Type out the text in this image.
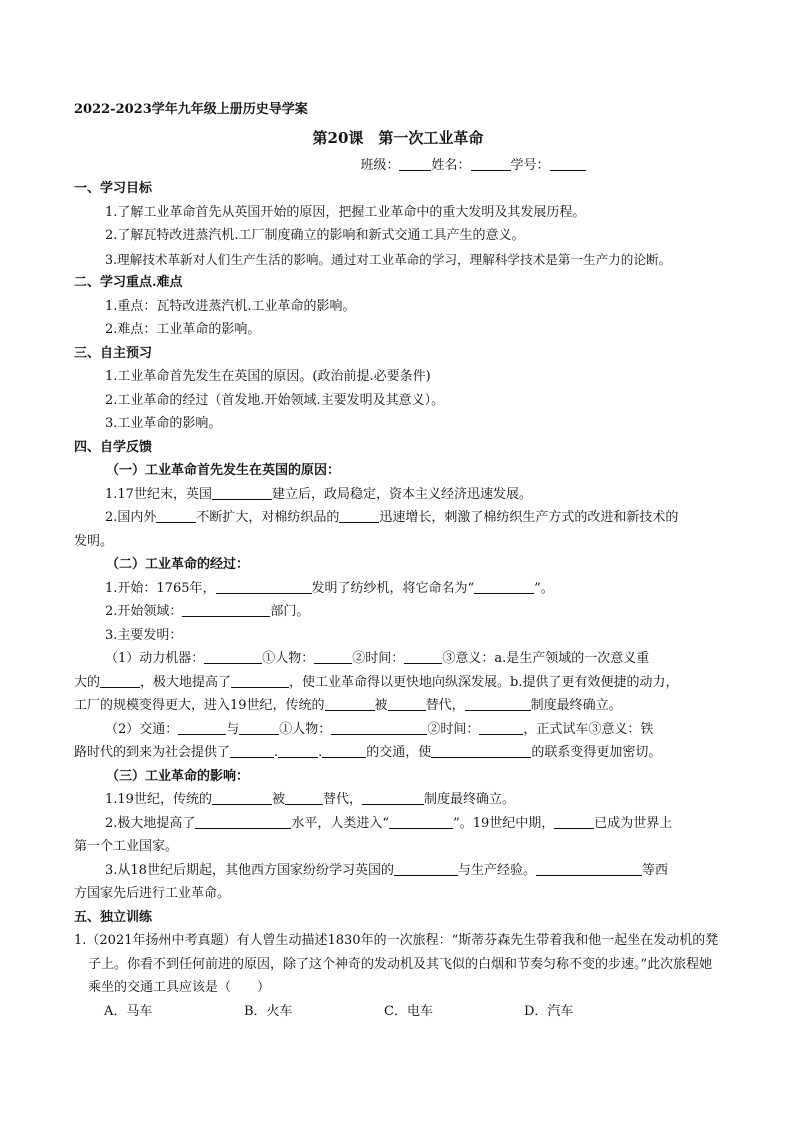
2022-2023学年九年级上册历史导学案
第20课　第一次工业革命
班级： 姓名：	学号：
一、学习目标
1.了解工业革命首先从英国开始的原因，把握工业革命中的重大发明及其发展历程。
2.了解瓦特改进蒸汽机.工厂制度确立的影响和新式交通工具产生的意义。
3.理解技术革新对人们生产生活的影响。通过对工业革命的学习，理解科学技术是第一生产力的论断。
二、学习重点.难点
1.重点：瓦特改进蒸汽机.工业革命的影响。
2.难点：工业革命的影响。
三、自主预习
1.工业革命首先发生在英国的原因。(政治前提.必要条件)
2.工业革命的经过（首发地.开始领域.主要发明及其意义）。
3.工业革命的影响。
四、自学反馈
（一）工业革命首先发生在英国的原因：
1.17世纪末，英国	建立后，政局稳定，资本主义经济迅速发展。
2.国内外	不断扩大，对棉纺织品的	迅速增长，刺激了棉纺织生产方式的改进和新技术的
发明。
（二）工业革命的经过：
1.开始：1765年，	发明了纺纱机，将它命名为“	”。
2.开始领域：	部门。
3.主要发明：
（1）动力机器：	①人物：	②时间：	③意义：a.是生产领域的一次意义重
大的	，极大地提高了	，使工业革命得以更快地向纵深发展。b.提供了更有效便捷的动力，
工厂的规模变得更大，进入19世纪，传统的	被	替代，	制度最终确立。
（2）交通：	与	①人物：	②时间：	，正式试车③意义：铁
路时代的到来为社会提供了	.	.	的交通，使	的联系变得更加密切。
（三）工业革命的影响：
1.19世纪，传统的	被	替代，	制度最终确立。
2.极大地提高了	水平，人类进入“	”。19世纪中期，	已成为世界上
第一个工业国家。
3.从18世纪后期起，其他西方国家纷纷学习英国的	与生产经验。	等西
方国家先后进行工业革命。
五、独立训练
1.（2021年扬州中考真题）有人曾生动描述1830年的一次旅程：“斯蒂芬森先生带着我和他一起坐在发动机的凳子上。你看不到任何前进的原因，除了这个神奇的发动机及其飞似的白烟和节奏匀称不变的步速。”此次旅程她乘坐的交通工具应该是（　　）
A．马车	B．火车	C．电车	D．汽车
